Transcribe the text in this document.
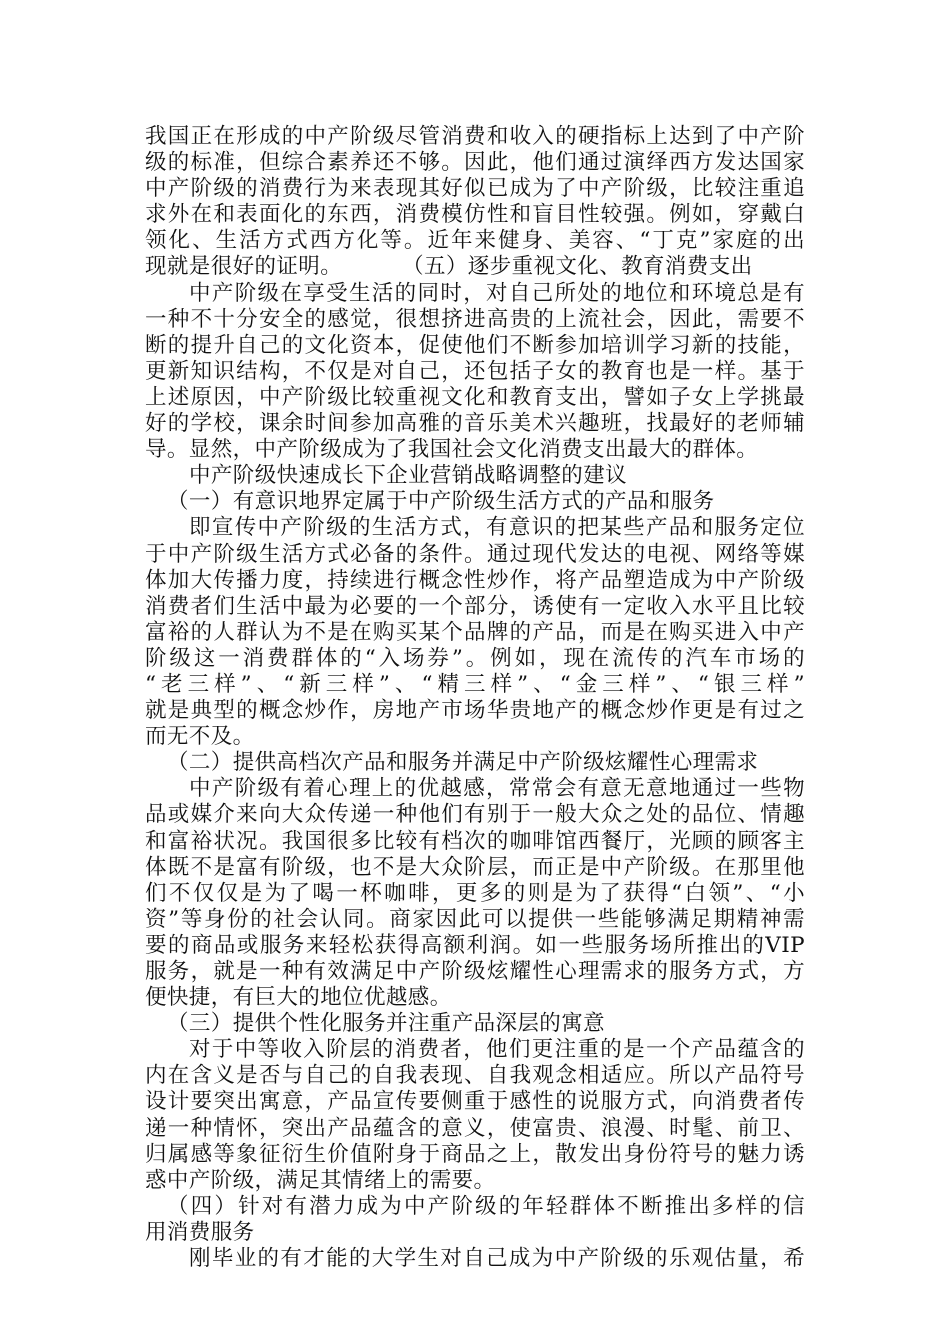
我国正在形成的中产阶级尽管消费和收入的硬指标上达到了中产阶
级的标准，但综合素养还不够。因此，他们通过演绎西方发达国家
中产阶级的消费行为来表现其好似已成为了中产阶级，比较注重追
求外在和表面化的东西，消费模仿性和盲目性较强。例如，穿戴白
领化、生活方式西方化等。近年来健身、美容、“丁克”家庭的出
现就是很好的证明。	（五）逐步重视文化、教育消费支出
中产阶级在享受生活的同时，对自己所处的地位和环境总是有
一种不十分安全的感觉，很想挤进高贵的上流社会，因此，需要不
断的提升自己的文化资本，促使他们不断参加培训学习新的技能，
更新知识结构，不仅是对自己，还包括子女的教育也是一样。基于
上述原因，中产阶级比较重视文化和教育支出，譬如子女上学挑最
好的学校，课余时间参加高雅的音乐美术兴趣班，找最好的老师辅
导。显然，中产阶级成为了我国社会文化消费支出最大的群体。
中产阶级快速成长下企业营销战略调整的建议
（一）有意识地界定属于中产阶级生活方式的产品和服务
即宣传中产阶级的生活方式，有意识的把某些产品和服务定位
于中产阶级生活方式必备的条件。通过现代发达的电视、网络等媒
体加大传播力度，持续进行概念性炒作，将产品塑造成为中产阶级
消费者们生活中最为必要的一个部分，诱使有一定收入水平且比较
富裕的人群认为不是在购买某个品牌的产品，而是在购买进入中产
阶级这一消费群体的“入场券”。例如，现在流传的汽车市场的
“老三样”、“新三样”、“精三样”、“金三样”、“银三样”
就是典型的概念炒作，房地产市场华贵地产的概念炒作更是有过之
而无不及。
（二）提供高档次产品和服务并满足中产阶级炫耀性心理需求
中产阶级有着心理上的优越感，常常会有意无意地通过一些物
品或媒介来向大众传递一种他们有别于一般大众之处的品位、情趣
和富裕状况。我国很多比较有档次的咖啡馆西餐厅，光顾的顾客主
体既不是富有阶级，也不是大众阶层，而正是中产阶级。在那里他
们不仅仅是为了喝一杯咖啡，更多的则是为了获得“白领”、“小
资”等身份的社会认同。商家因此可以提供一些能够满足期精神需
要的商品或服务来轻松获得高额利润。如一些服务场所推出的VIP
服务，就是一种有效满足中产阶级炫耀性心理需求的服务方式，方
便快捷，有巨大的地位优越感。
（三）提供个性化服务并注重产品深层的寓意
对于中等收入阶层的消费者，他们更注重的是一个产品蕴含的
内在含义是否与自己的自我表现、自我观念相适应。所以产品符号
设计要突出寓意，产品宣传要侧重于感性的说服方式，向消费者传
递一种情怀，突出产品蕴含的意义，使富贵、浪漫、时髦、前卫、
归属感等象征衍生价值附身于商品之上，散发出身份符号的魅力诱
惑中产阶级，满足其情绪上的需要。
（四）针对有潜力成为中产阶级的年轻群体不断推出多样的信
用消费服务
刚毕业的有才能的大学生对自己成为中产阶级的乐观估量，希
